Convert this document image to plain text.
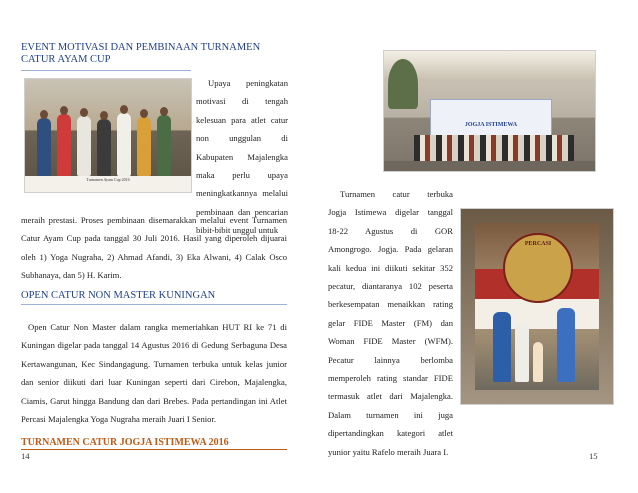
EVENT MOTIVASI DAN PEMBINAAN TURNAMEN
CATUR AYAM CUP
Turnamen Ayam Cup 2016
Upaya peningkatan
motivasi di tengah
kelesuan para atlet catur
non unggulan di
Kabupaten Majalengka
maka perlu upaya
meningkatkannya melalui
pembinaan dan pencarian
bibit-bibit unggul untuk
meraih prestasi. Proses pembinaan disemarakkan melalui event Turnamen Catur Ayam Cup pada tanggal 30 Juli 2016. Hasil yang diperoleh dijuarai oleh 1) Yoga Nugraha, 2) Ahmad Afandi, 3) Eka Alwani, 4) Calak Osco Subhanaya, dan 5) H. Karim.
OPEN CATUR NON MASTER KUNINGAN
Open Catur Non Master dalam rangka memeriahkan HUT RI ke 71 di Kuningan digelar pada tanggal 14 Agustus 2016 di Gedung Serbaguna Desa Kertawangunan, Kec Sindangagung. Turnamen terbuka untuk kelas junior dan senior diikuti dari luar Kuningan seperti dari Cirebon, Majalengka, Ciamis, Garut hingga Bandung dan dari Brebes. Pada pertandingan ini Atlet Percasi Majalengka Yoga Nugraha meraih Juari I Senior.
TURNAMEN CATUR JOGJA ISTIMEWA 2016
14
JOGJA ISTIMEWA
Turnamen catur terbuka
Jogja Istimewa digelar tanggal
18-22 Agustus di GOR
Amongrogo. Jogja. Pada gelaran
kali kedua ini diikuti sekitar 352
pecatur, diantaranya 102 peserta
berkesempatan menaikkan rating
gelar FIDE Master (FM) dan
Woman FIDE Master (WFM).
Pecatur lainnya berlomba
memperoleh rating standar FIDE
termasuk atlet dari Majalengka.
Dalam turnamen ini juga
dipertandingkan kategori atlet
yunior yaitu Rafelo meraih Juara I.
PERCASI
15
